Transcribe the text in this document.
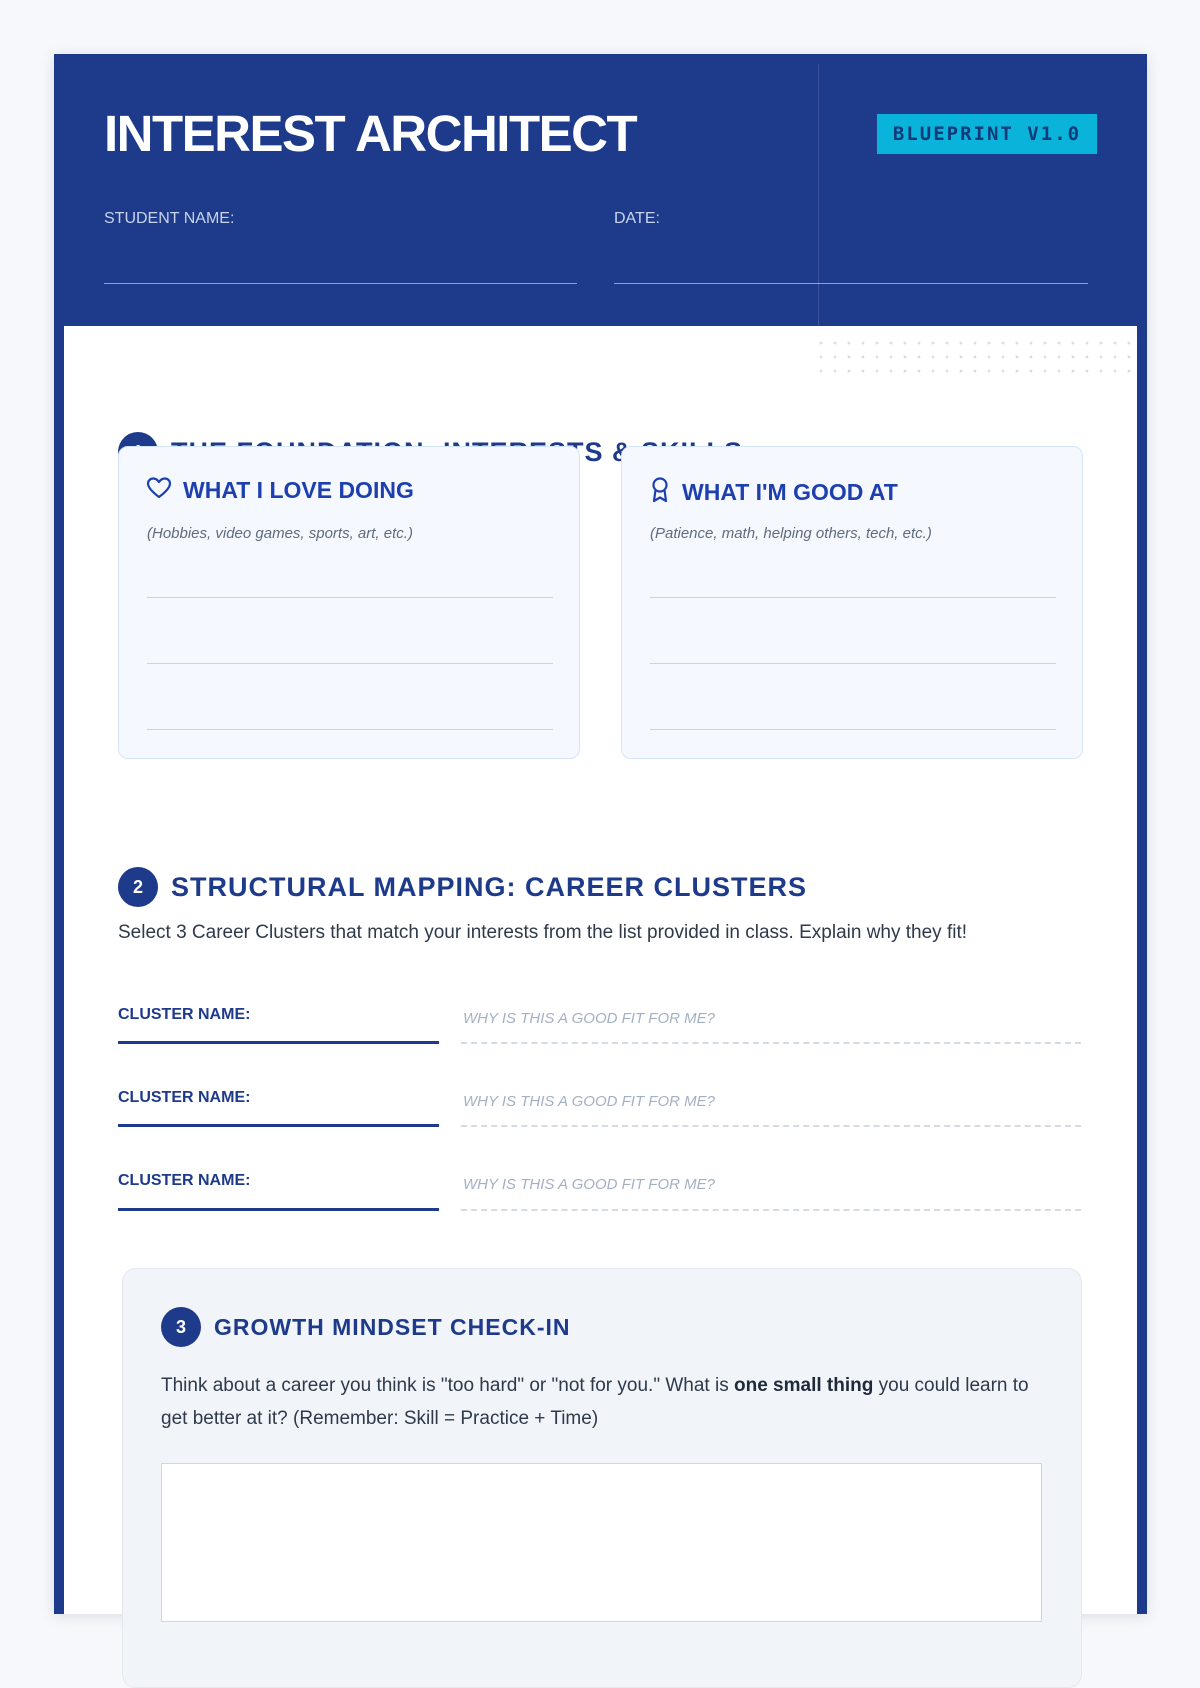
INTEREST ARCHITECT	BLUEPRINT V1.0
STUDENT NAME:	DATE:
WHAT I LOVE DOING
(Hobbies, video games, sports, art, etc.)
WHAT I'M GOOD AT
(Patience, math, helping others, tech, etc.)
2	STRUCTURAL MAPPING: CAREER CLUSTERS
Select 3 Career Clusters that match your interests from the list provided in class. Explain why they fit!
CLUSTER NAME:	WHY IS THIS A GOOD FIT FOR ME?
CLUSTER NAME:	WHY IS THIS A GOOD FIT FOR ME?
CLUSTER NAME:	WHY IS THIS A GOOD FIT FOR ME?
3	GROWTH MINDSET CHECK-IN
Think about a career you think is "too hard" or "not for you." What is one small thing you could learn to get better at it? (Remember: Skill = Practice + Time)
